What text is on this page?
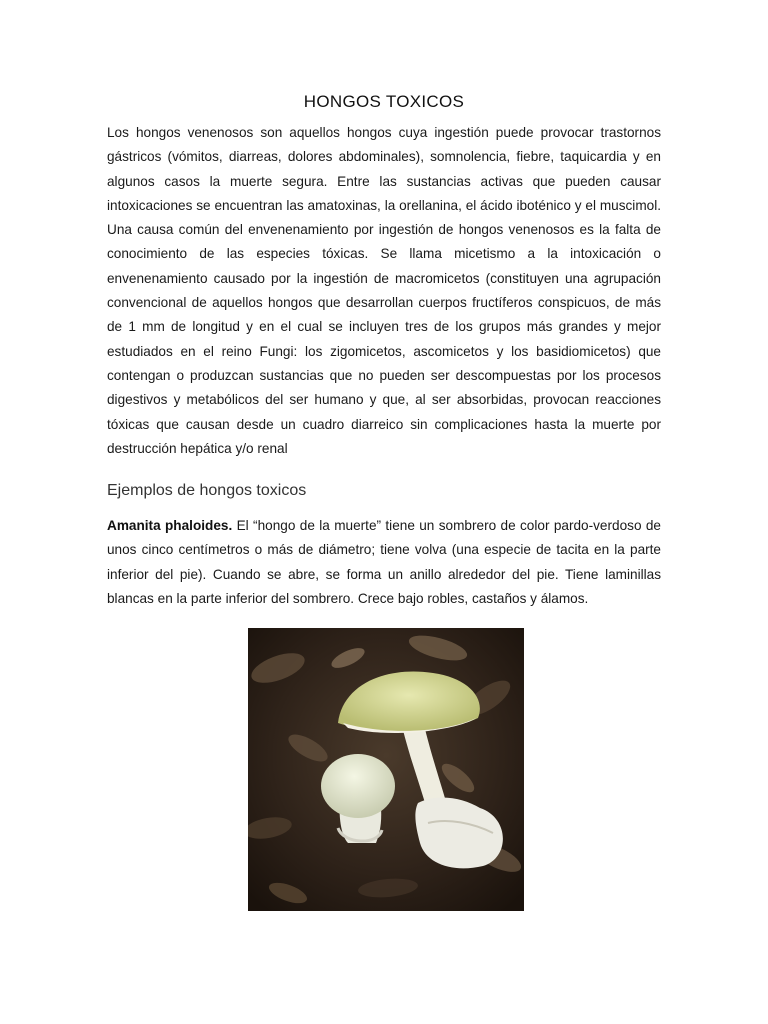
HONGOS TOXICOS

Los hongos venenosos son aquellos hongos cuya ingestión puede provocar trastornos gástricos (vómitos, diarreas, dolores abdominales), somnolencia, fiebre, taquicardia y en algunos casos la muerte segura. Entre las sustancias activas que pueden causar intoxicaciones se encuentran las amatoxinas, la orellanina, el ácido iboténico y el muscimol. Una causa común del envenenamiento por ingestión de hongos venenosos es la falta de conocimiento de las especies tóxicas. Se llama micetismo a la intoxicación o envenenamiento causado por la ingestión de macromicetos (constituyen una agrupación convencional de aquellos hongos que desarrollan cuerpos fructíferos conspicuos, de más de 1 mm de longitud y en el cual se incluyen tres de los grupos más grandes y mejor estudiados en el reino Fungi: los zigomicetos, ascomicetos y los basidiomicetos) que contengan o produzcan sustancias que no pueden ser descompuestas por los procesos digestivos y metabólicos del ser humano y que, al ser absorbidas, provocan reacciones tóxicas que causan desde un cuadro diarreico sin complicaciones hasta la muerte por destrucción hepática y/o renal

Ejemplos de hongos toxicos

Amanita phaloides. El “hongo de la muerte” tiene un sombrero de color pardo-verdoso de unos cinco centímetros o más de diámetro; tiene volva (una especie de tacita en la parte inferior del pie). Cuando se abre, se forma un anillo alrededor del pie. Tiene laminillas blancas en la parte inferior del sombrero. Crece bajo robles, castaños y álamos.
